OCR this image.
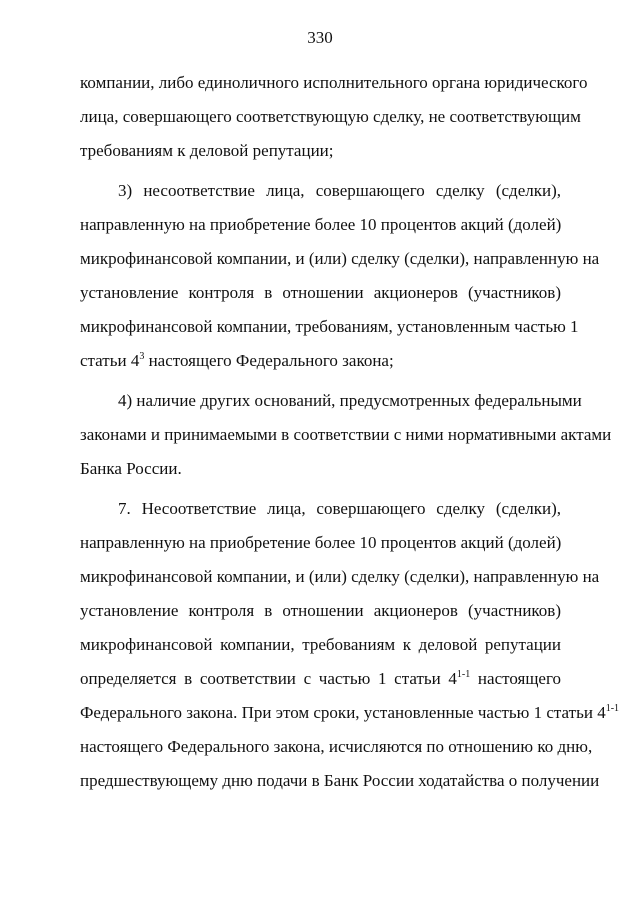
330

компании, либо единоличного исполнительного органа юридического
лица, совершающего соответствующую сделку, не соответствующим
требованиям к деловой репутации;

3) несоответствие лица, совершающего сделку (сделки),
направленную на приобретение более 10 процентов акций (долей)
микрофинансовой компании, и (или) сделку (сделки), направленную на
установление контроля в отношении акционеров (участников)
микрофинансовой компании, требованиям, установленным частью 1
статьи $4^3$ настоящего Федерального закона;

4) наличие других оснований, предусмотренных федеральными
законами и принимаемыми в соответствии с ними нормативными актами
Банка России.

7. Несоответствие лица, совершающего сделку (сделки),
направленную на приобретение более 10 процентов акций (долей)
микрофинансовой компании, и (или) сделку (сделки), направленную на
установление контроля в отношении акционеров (участников)
микрофинансовой компании, требованиям к деловой репутации
определяется в соответствии с частью 1 статьи 4$^{1-1}$ настоящего
Федерального закона. При этом сроки, установленные частью 1 статьи 4$^{1-1}$
настоящего Федерального закона, исчисляются по отношению ко дню,
предшествующему дню подачи в Банк России ходатайства о получении
